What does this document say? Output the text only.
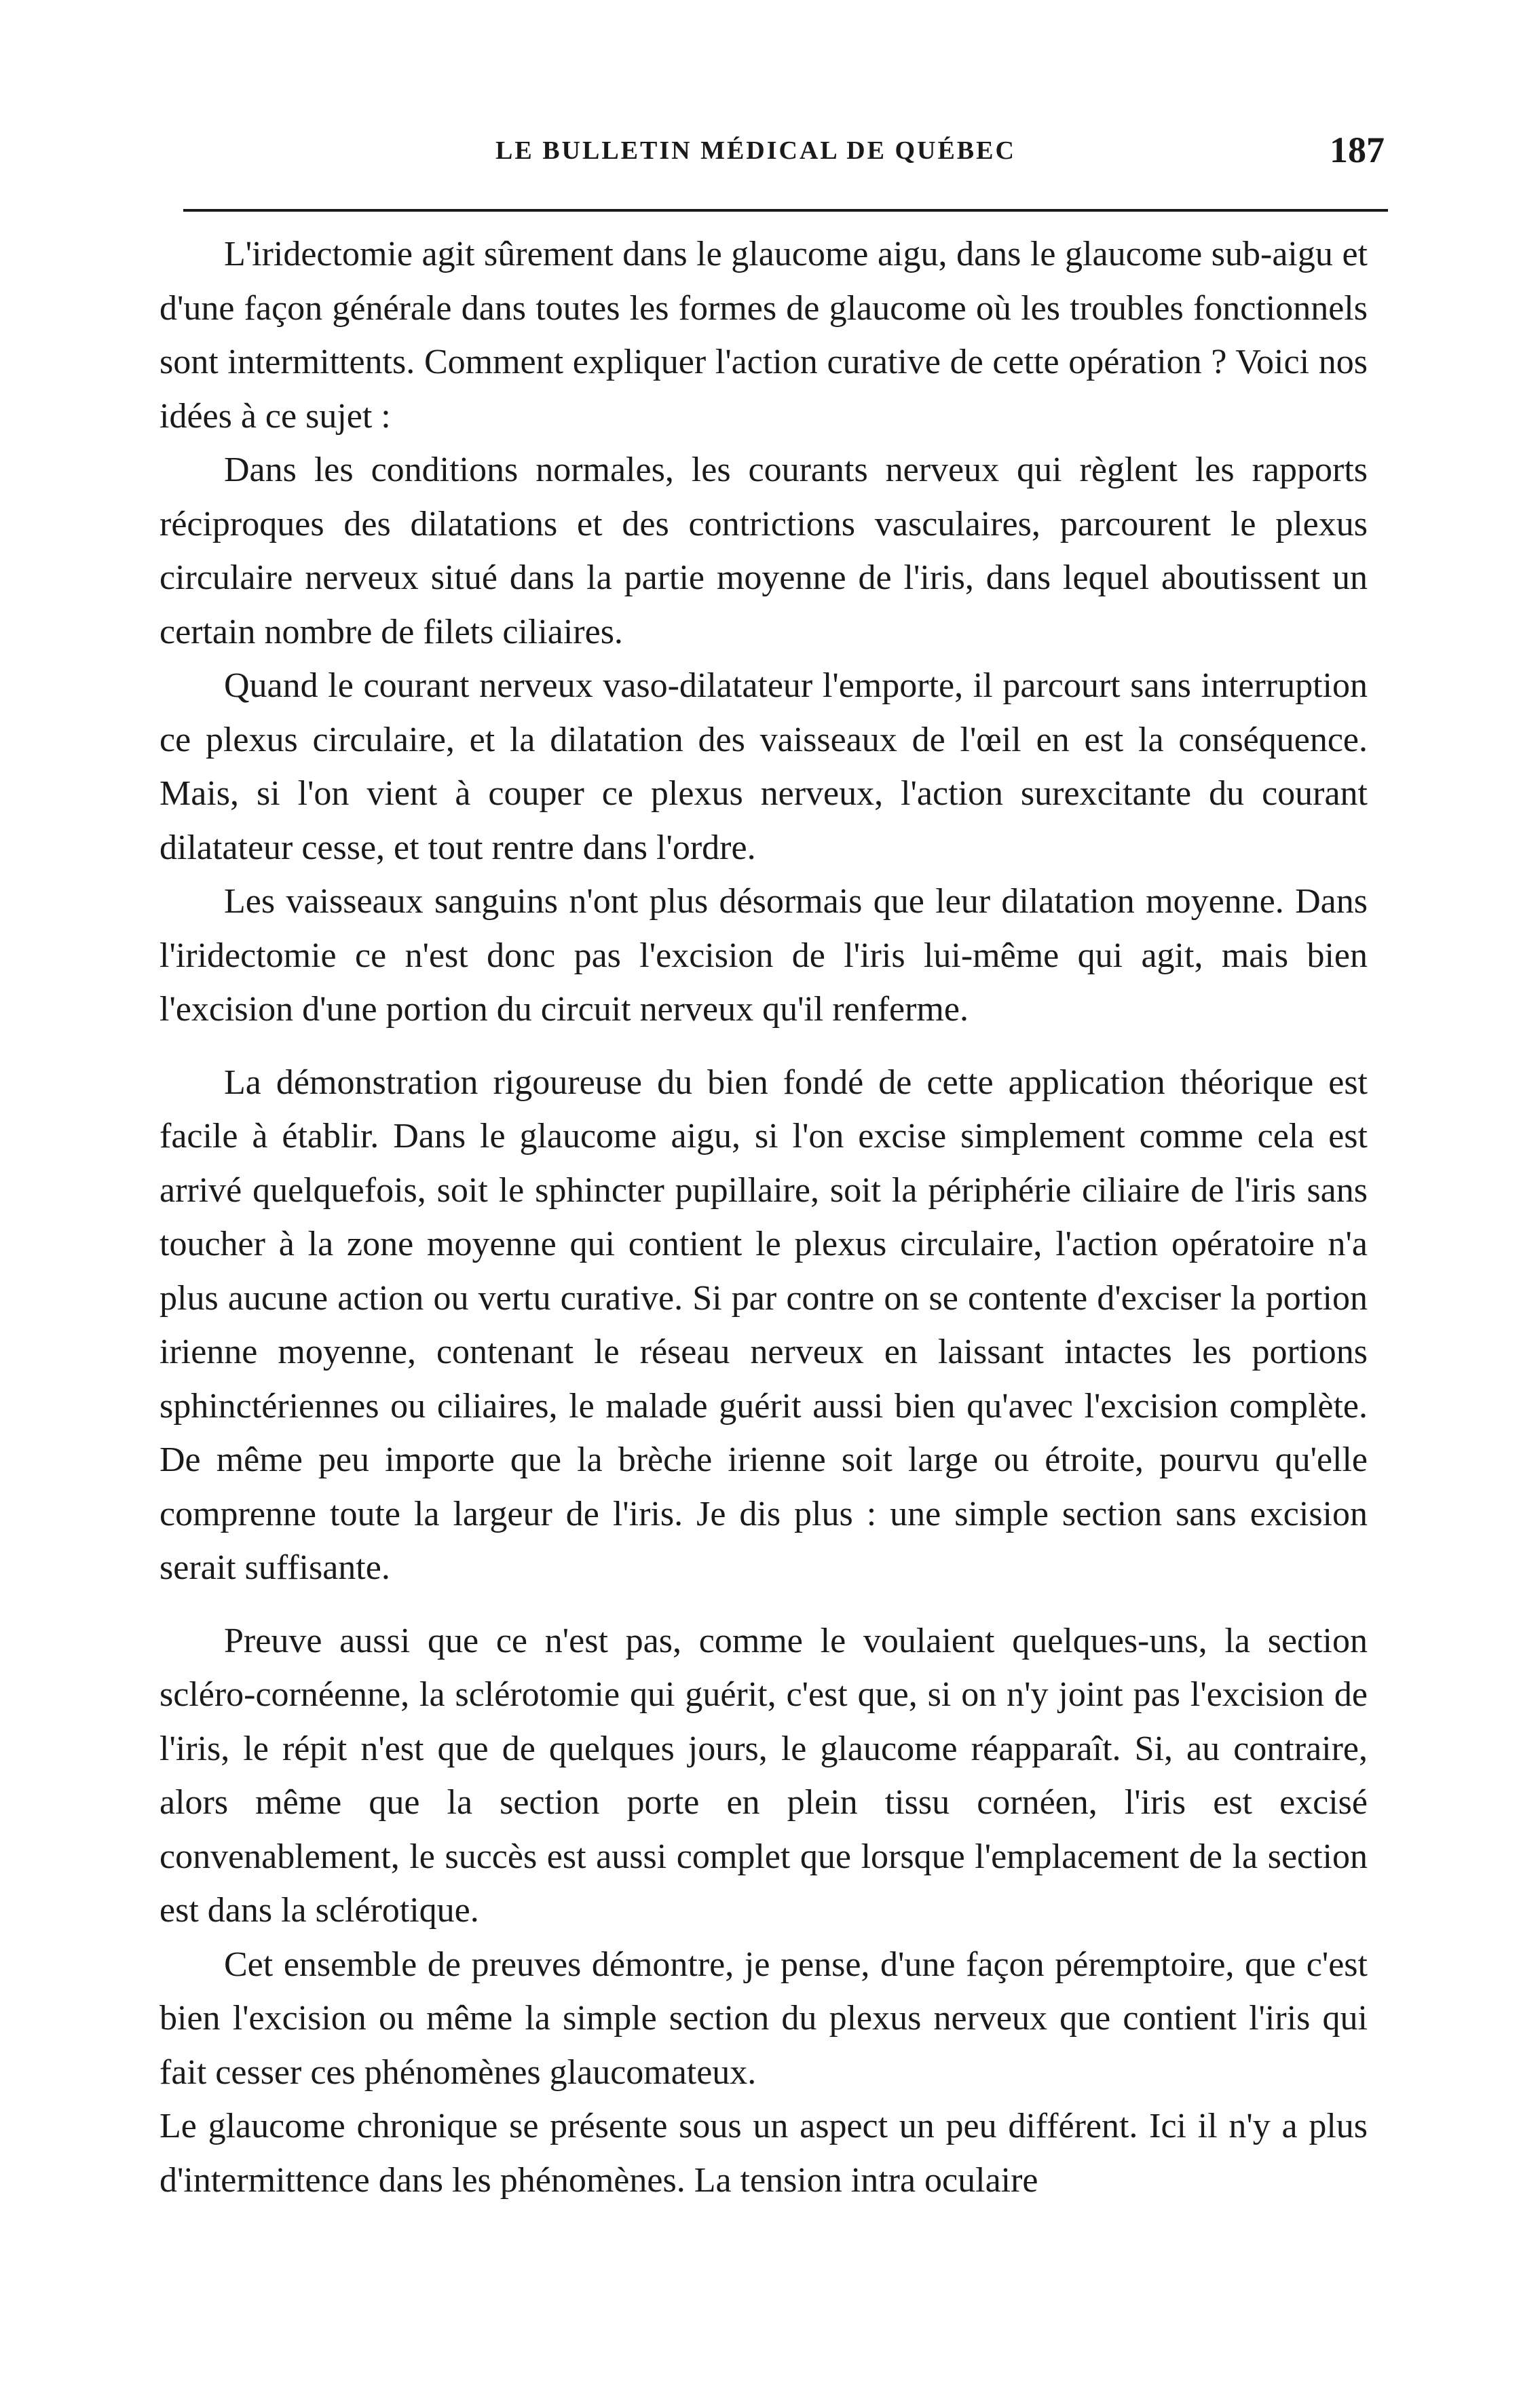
LE BULLETIN MÉDICAL DE QUÉBEC	187

L'iridectomie agit sûrement dans le glaucome aigu, dans le glaucome sub-aigu et d'une façon générale dans toutes les formes de glaucome où les troubles fonctionnels sont intermittents. Comment expliquer l'action curative de cette opération ? Voici nos idées à ce sujet :

Dans les conditions normales, les courants nerveux qui règlent les rapports réciproques des dilatations et des contrictions vasculaires, parcourent le plexus circulaire nerveux situé dans la partie moyenne de l'iris, dans lequel aboutissent un certain nombre de filets ciliaires.

Quand le courant nerveux vaso-dilatateur l'emporte, il parcourt sans interruption ce plexus circulaire, et la dilatation des vaisseaux de l'œil en est la conséquence. Mais, si l'on vient à couper ce plexus nerveux, l'action surexcitante du courant dilatateur cesse, et tout rentre dans l'ordre.

Les vaisseaux sanguins n'ont plus désormais que leur dilatation moyenne. Dans l'iridectomie ce n'est donc pas l'excision de l'iris lui-même qui agit, mais bien l'excision d'une portion du circuit nerveux qu'il renferme.

La démonstration rigoureuse du bien fondé de cette application théorique est facile à établir. Dans le glaucome aigu, si l'on excise simplement comme cela est arrivé quelquefois, soit le sphincter pupillaire, soit la périphérie ciliaire de l'iris sans toucher à la zone moyenne qui contient le plexus circulaire, l'action opératoire n'a plus aucune action ou vertu curative. Si par contre on se contente d'exciser la portion irienne moyenne, contenant le réseau nerveux en laissant intactes les portions sphinctériennes ou ciliaires, le malade guérit aussi bien qu'avec l'excision complète. De même peu importe que la brèche irienne soit large ou étroite, pourvu qu'elle comprenne toute la largeur de l'iris. Je dis plus : une simple section sans excision serait suffisante.

Preuve aussi que ce n'est pas, comme le voulaient quelques-uns, la section scléro-cornéenne, la sclérotomie qui guérit, c'est que, si on n'y joint pas l'excision de l'iris, le répit n'est que de quelques jours, le glaucome réapparaît. Si, au contraire, alors même que la section porte en plein tissu cornéen, l'iris est excisé convenablement, le succès est aussi complet que lorsque l'emplacement de la section est dans la sclérotique.

Cet ensemble de preuves démontre, je pense, d'une façon péremptoire, que c'est bien l'excision ou même la simple section du plexus nerveux que contient l'iris qui fait cesser ces phénomènes glaucomateux.

Le glaucome chronique se présente sous un aspect un peu différent. Ici il n'y a plus d'intermittence dans les phénomènes. La tension intra oculaire
